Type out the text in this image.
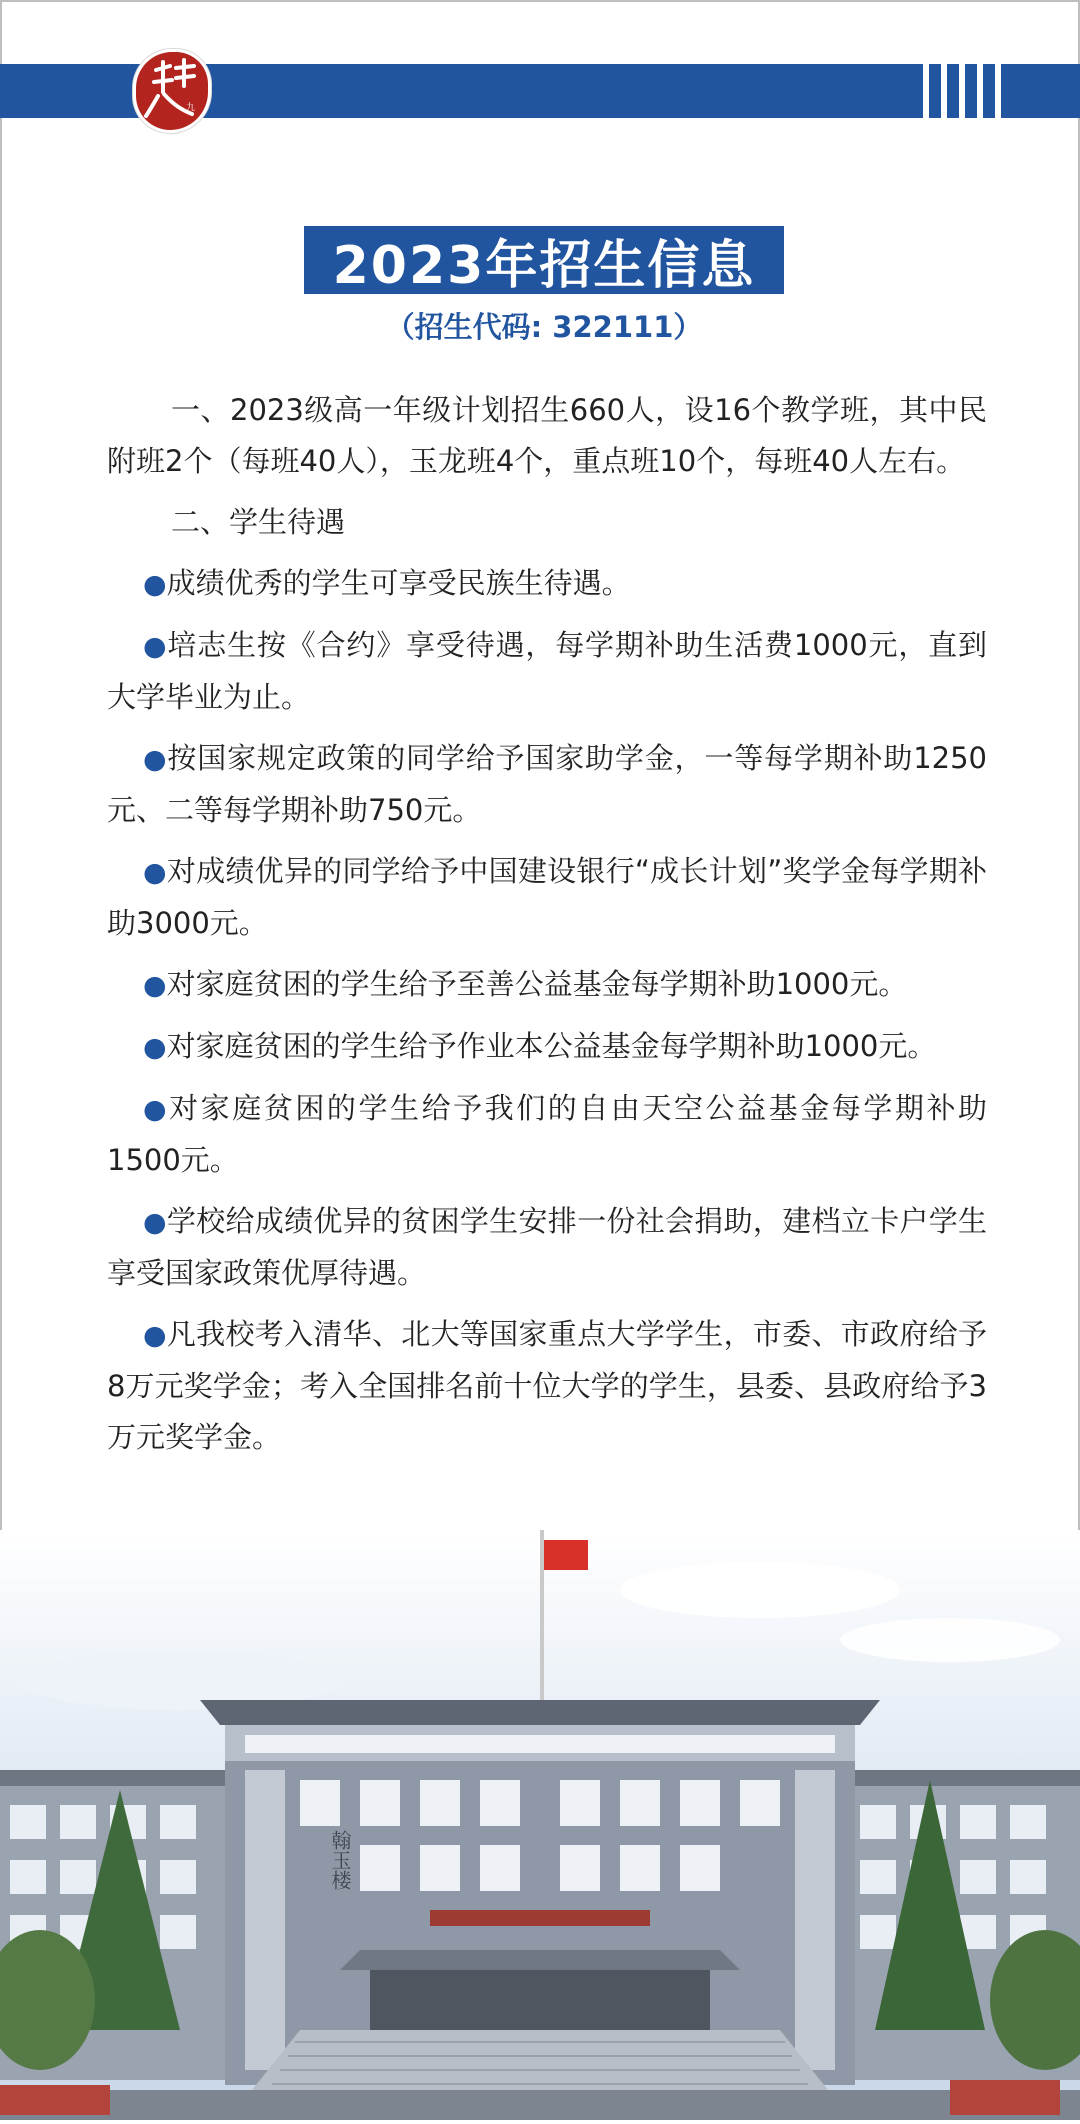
九
2023年招生信息
（招生代码: 322111）

一、2023级高一年级计划招生660人，设16个教学班，其中民附班2个（每班40人），玉龙班4个，重点班10个，每班40人左右。

二、学生待遇

●成绩优秀的学生可享受民族生待遇。

●培志生按《合约》享受待遇，每学期补助生活费1000元，直到大学毕业为止。

●按国家规定政策的同学给予国家助学金，一等每学期补助1250元、二等每学期补助750元。

●对成绩优异的同学给予中国建设银行“成长计划”奖学金每学期补助3000元。

●对家庭贫困的学生给予至善公益基金每学期补助1000元。

●对家庭贫困的学生给予作业本公益基金每学期补助1000元。

●对家庭贫困的学生给予我们的自由天空公益基金每学期补助1500元。

●学校给成绩优异的贫困学生安排一份社会捐助，建档立卡户学生享受国家政策优厚待遇。

●凡我校考入清华、北大等国家重点大学学生，市委、市政府给予8万元奖学金；考入全国排名前十位大学的学生，县委、县政府给予3万元奖学金。

翰玉楼
